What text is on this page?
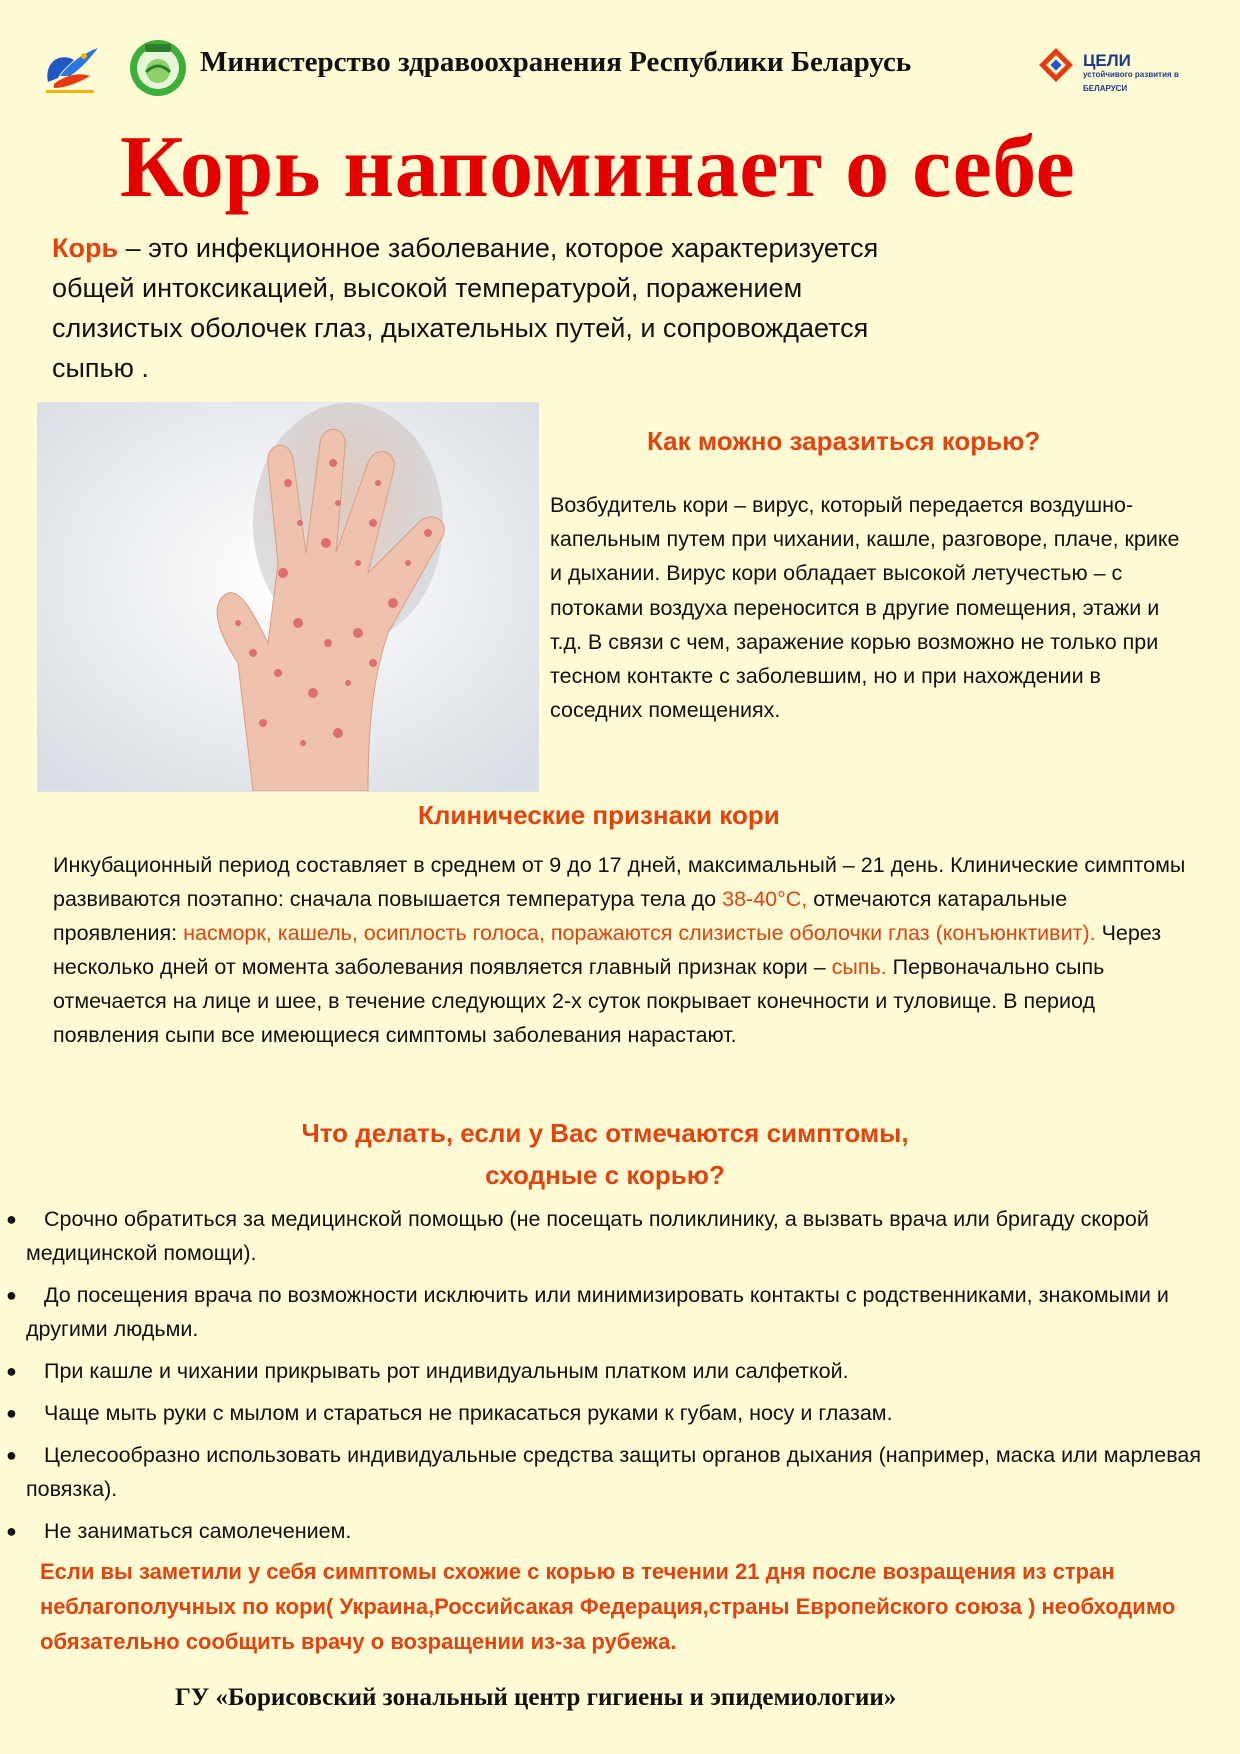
Министерство здравоохранения Республики Беларусь	ЦЕЛИ
устойчивого развития в
БЕЛАРУСИ
Корь напоминает о себе
Корь – это инфекционное заболевание, которое характеризуется общей интоксикацией, высокой температурой, поражением слизистых оболочек глаз, дыхательных путей, и сопровождается сыпью .
Как можно заразиться корью?
Возбудитель кори – вирус, который передается воздушно-капельным путем при чихании, кашле, разговоре, плаче, крике и дыхании. Вирус кори обладает высокой летучестью – с потоками воздуха переносится в другие помещения, этажи и т.д. В связи с чем, заражение корью возможно не только при тесном контакте с заболевшим, но и при нахождении в соседних помещениях.
Клинические признаки кори
Инкубационный период составляет в среднем от 9 до 17 дней, максимальный – 21 день. Клинические симптомы развиваются поэтапно: сначала повышается температура тела до 38-40°С, отмечаются катаральные проявления: насморк, кашель, осиплость голоса, поражаются слизистые оболочки глаз (конъюнктивит). Через несколько дней от момента заболевания появляется главный признак кори – сыпь. Первоначально сыпь отмечается на лице и шее, в течение следующих 2-х суток покрывает конечности и туловище. В период появления сыпи все имеющиеся симптомы заболевания нарастают.
Что делать, если у Вас отмечаются симптомы,
сходные с корью?
●	Срочно обратиться за медицинской помощью (не посещать поликлинику, а вызвать врача или бригаду скорой медицинской помощи).
●	До посещения врача по возможности исключить или минимизировать контакты с родственниками, знакомыми и другими людьми.
●	При кашле и чихании прикрывать рот индивидуальным платком или салфеткой.
●	Чаще мыть руки с мылом и стараться не прикасаться руками к губам, носу и глазам.
●	Целесообразно использовать индивидуальные средства защиты органов дыхания (например, маска или марлевая повязка).
●	Не заниматься самолечением.
Если вы заметили у себя симптомы схожие с корью в течении 21 дня после возращения из стран неблагополучных по кори( Украина,Российсакая Федерация,страны Европейского союза ) необходимо обязательно сообщить врачу о возращении из-за рубежа.
ГУ «Борисовский зональный центр гигиены и эпидемиологии»
